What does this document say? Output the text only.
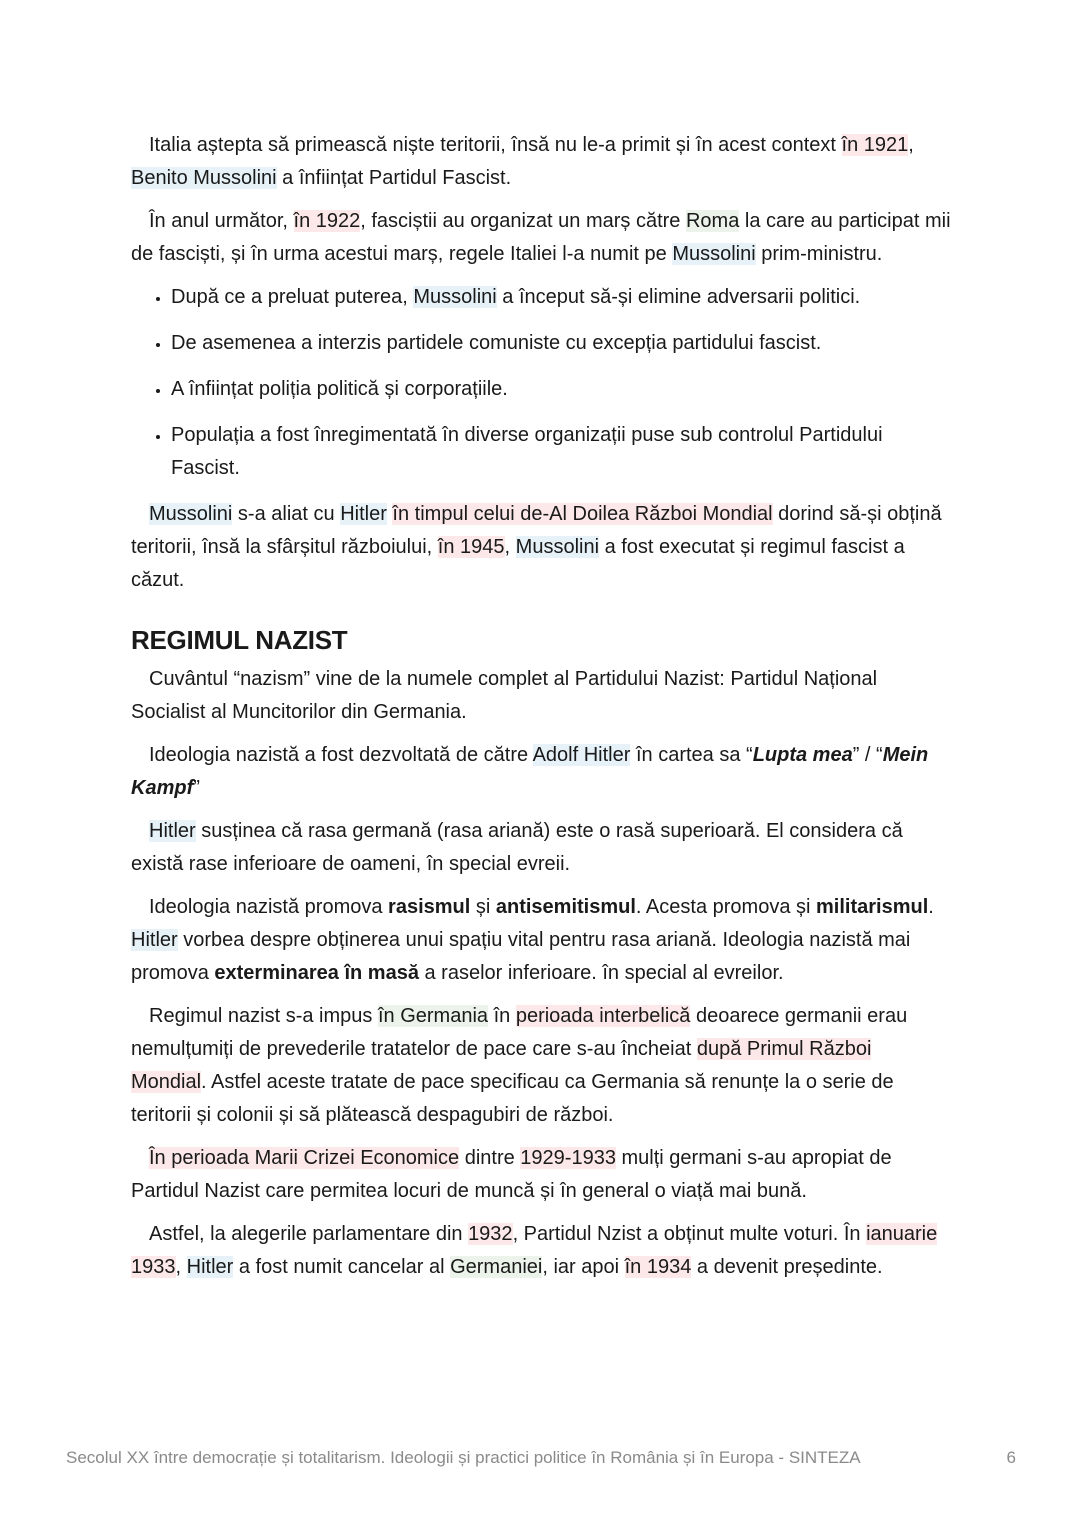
Italia aștepta să primească niște teritorii, însă nu le-a primit și în acest context în 1921, Benito Mussolini a înființat Partidul Fascist.

În anul următor, în 1922, fasciștii au organizat un marș către Roma la care au participat mii de fasciști, și în urma acestui marș, regele Italiei l-a numit pe Mussolini prim-ministru.

• După ce a preluat puterea, Mussolini a început să-și elimine adversarii politici.
• De asemenea a interzis partidele comuniste cu excepția partidului fascist.
• A înființat poliția politică și corporațiile.
• Populația a fost înregimentată în diverse organizații puse sub controlul Partidului Fascist.

Mussolini s-a aliat cu Hitler în timpul celui de-Al Doilea Război Mondial dorind să-și obțină teritorii, însă la sfârșitul războiului, în 1945, Mussolini a fost executat și regimul fascist a căzut.

REGIMUL NAZIST

Cuvântul “nazism” vine de la numele complet al Partidului Nazist: Partidul Național Socialist al Muncitorilor din Germania.

Ideologia nazistă a fost dezvoltată de către Adolf Hitler în cartea sa “Lupta mea” / “Mein Kampf”

Hitler susținea că rasa germană (rasa ariană) este o rasă superioară. El considera că există rase inferioare de oameni, în special evreii.

Ideologia nazistă promova rasismul și antisemitismul. Acesta promova și militarismul. Hitler vorbea despre obținerea unui spațiu vital pentru rasa ariană. Ideologia nazistă mai promova exterminarea în masă a raselor inferioare. în special al evreilor.

Regimul nazist s-a impus în Germania în perioada interbelică deoarece germanii erau nemulțumiți de prevederile tratatelor de pace care s-au încheiat după Primul Război Mondial. Astfel aceste tratate de pace specificau ca Germania să renunțe la o serie de teritorii și colonii și să plătească despagubiri de război.

În perioada Marii Crizei Economice dintre 1929-1933 mulți germani s-au apropiat de Partidul Nazist care permitea locuri de muncă și în general o viață mai bună.

Astfel, la alegerile parlamentare din 1932, Partidul Nzist a obținut multe voturi. În ianuarie 1933, Hitler a fost numit cancelar al Germaniei, iar apoi în 1934 a devenit președinte.

Secolul XX între democrație și totalitarism. Ideologii și practici politice în România și în Europa - SINTEZA	6
